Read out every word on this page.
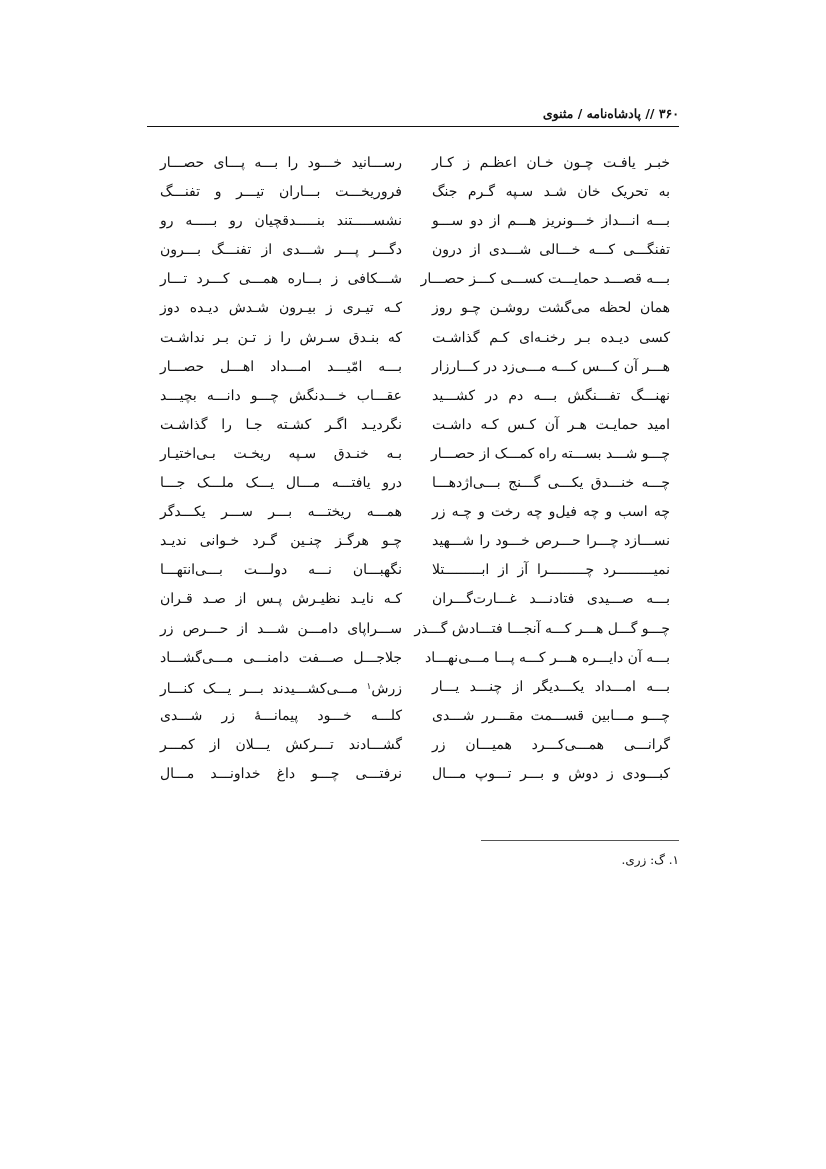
۳۶۰ // پادشاه‌نامه / مثنوی
خبـر یافـت چـون خـان اعظـم ز کـار
به تحریک خان شـد سـپه گـرم جنگ
بـــه انـــداز خـــونریز هـــم از دو ســـو
تفنگـــی کـــه خـــالی شـــدی از درون
بـــه قصـــد حمایـــت کســـی کـــز حصـــار
همان لحظه می‌گشت روشـن چـو روز
کسی دیـده بـر رخنـه‌ای کـم گذاشـت
هـــر آن کـــس کـــه مـــی‌زد در کـــارزار
نهنـــگ تفـــنگش بـــه دم در کشـــید
امید حمایـت هـر آن کـس کـه داشـت
چـــو شـــد بســـته راه کمـــک از حصـــار
چـــه خنـــدق یکـــی گـــنج بـــی‌اژدهـــا
چه اسب و چه فیل‌و چه رخت و چـه زر
نســـازد چـــرا حـــرص خـــود را شـــهید
نمیـــــــــرد چـــــــــرا آز از ابـــــــــتلا
بـــه صـــیدی فتادنـــد غـــارت‌گـــران
چـــو گـــل هـــر کـــه آنجـــا فتـــادش گـــذر
بـــه آن دایـــره هـــر کـــه پـــا مـــی‌نهـــاد
بـــه امـــداد یکـــدیگر از چنـــد یـــار
چـــو مـــابین قســـمت مقـــرر شـــدی
گرانـــی همـــی‌کـــرد همیـــان زر
کبـــودی ز دوش و بـــر تـــوپ مـــال
رســـانید خـــود را بـــه پـــای حصـــار
فروریخـــت بـــاران تیـــر و تفنـــگ
نشســـــتند بنـــــدقچیان رو بـــــه رو
دگـــر پـــر شـــدی از تفنـــگ بـــرون
شـــکافی ز بـــاره همـــی کـــرد تـــار
کـه تیـری ز بیـرون شـدش دیـده دوز
که بنـدق سـرش را ز تـن بـر نداشـت
بـــه امّیـــد امـــداد اهـــل حصـــار
عقـــاب خـــدنگش چـــو دانـــه بچیـــد
نگردیـد اگـر کشـته جـا را گذاشـت
بـه خنـدق سـپه ریخـت بـی‌اختیـار
درو یافتـــه مـــال یـــک ملـــک جـــا
همـــه ریختـــه بـــر ســـر یکـــدگر
چـو هرگـز چنـین گـرد خـوانی ندیـد
نگهبـــان نـــه دولـــت بـــی‌انتهـــا
کـه نایـد نظیـرش پـس از صـد قـران
ســـراپای دامـــن شـــد از حـــرص زر
جلاجـــل صـــفت دامنـــی مـــی‌گشـــاد
زرش$^۱$ مـــی‌کشـــیدند بـــر یـــک کنـــار
کلـــه خـــود پیمانـــهٔ زر شـــدی
گشـــادند تـــرکش یـــلان از کمـــر
نرفتـــی چـــو داغ خداونـــد مـــال
۱. گ: زری.
